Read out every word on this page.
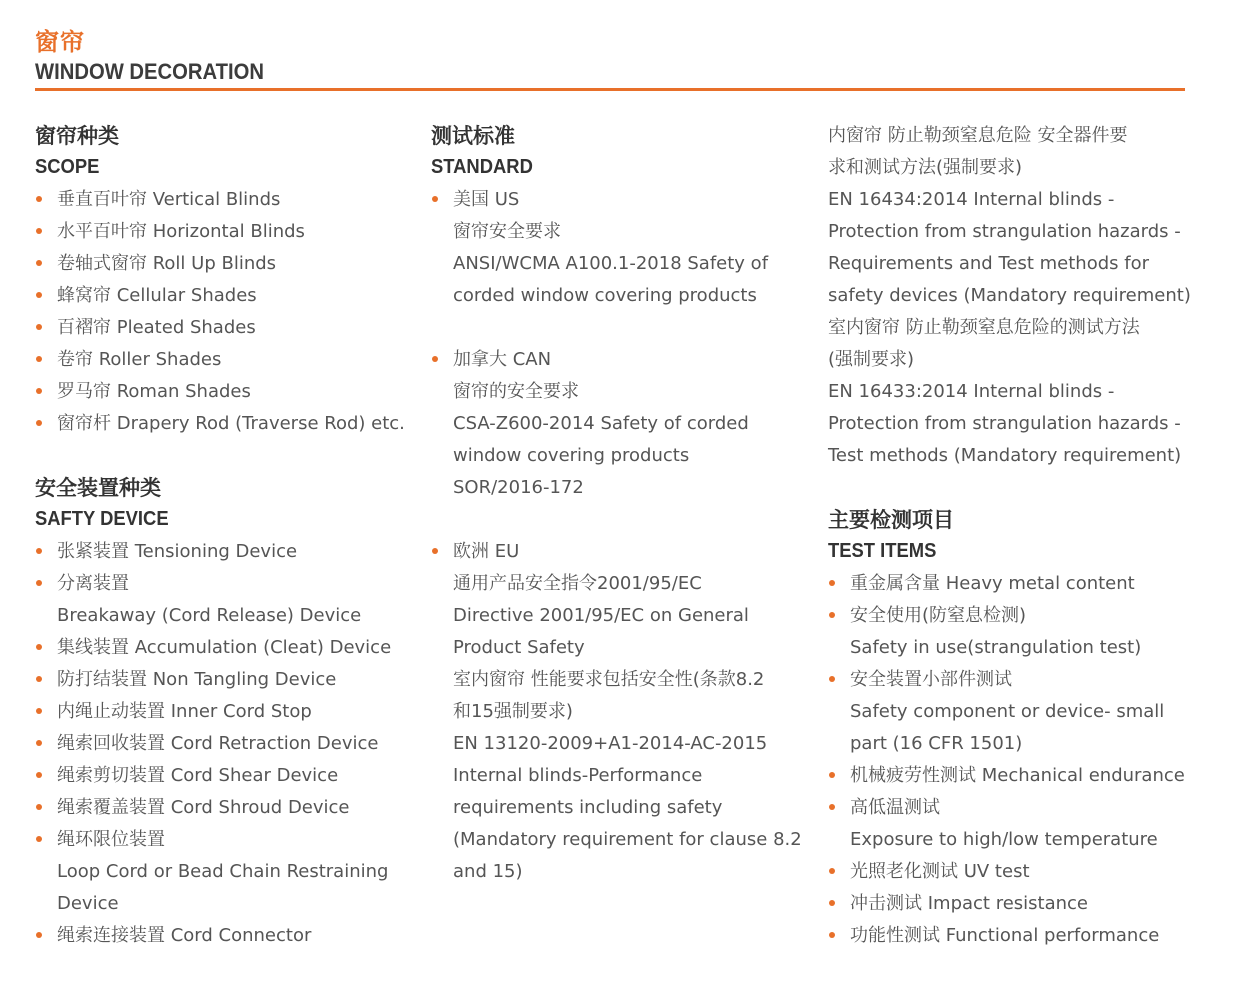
窗帘
WINDOW DECORATION
窗帘种类
SCOPE
垂直百叶帘 Vertical Blinds
水平百叶帘 Horizontal Blinds
卷轴式窗帘 Roll Up Blinds
蜂窝帘 Cellular Shades
百褶帘 Pleated Shades
卷帘 Roller Shades
罗马帘 Roman Shades
窗帘杆 Drapery Rod (Traverse Rod) etc.
安全装置种类
SAFTY DEVICE
张紧装置 Tensioning Device
分离装置
Breakaway (Cord Release) Device
集线装置 Accumulation (Cleat) Device
防打结装置 Non Tangling Device
内绳止动装置 Inner Cord Stop
绳索回收装置 Cord Retraction Device
绳索剪切装置 Cord Shear Device
绳索覆盖装置 Cord Shroud Device
绳环限位装置
Loop Cord or Bead Chain Restraining
Device
绳索连接装置 Cord Connector
测试标准
STANDARD
美国 US
窗帘安全要求
ANSI/WCMA A100.1-2018 Safety of
corded window covering products
加拿大 CAN
窗帘的安全要求
CSA-Z600-2014 Safety of corded
window covering products
SOR/2016-172
欧洲 EU
通用产品安全指令2001/95/EC
Directive 2001/95/EC on General
Product Safety
室内窗帘 性能要求包括安全性(条款8.2
和15强制要求)
EN 13120-2009+A1-2014-AC-2015
Internal blinds-Performance
requirements including safety
(Mandatory requirement for clause 8.2
and 15)
内窗帘 防止勒颈窒息危险 安全器件要
求和测试方法(强制要求)
EN 16434:2014 Internal blinds -
Protection from strangulation hazards -
Requirements and Test methods for
safety devices (Mandatory requirement)
室内窗帘 防止勒颈窒息危险的测试方法
(强制要求)
EN 16433:2014 Internal blinds -
Protection from strangulation hazards -
Test methods (Mandatory requirement)
主要检测项目
TEST ITEMS
重金属含量 Heavy metal content
安全使用(防窒息检测)
Safety in use(strangulation test)
安全装置小部件测试
Safety component or device- small
part (16 CFR 1501)
机械疲劳性测试 Mechanical endurance
高低温测试
Exposure to high/low temperature
光照老化测试 UV test
冲击测试 Impact resistance
功能性测试 Functional performance
